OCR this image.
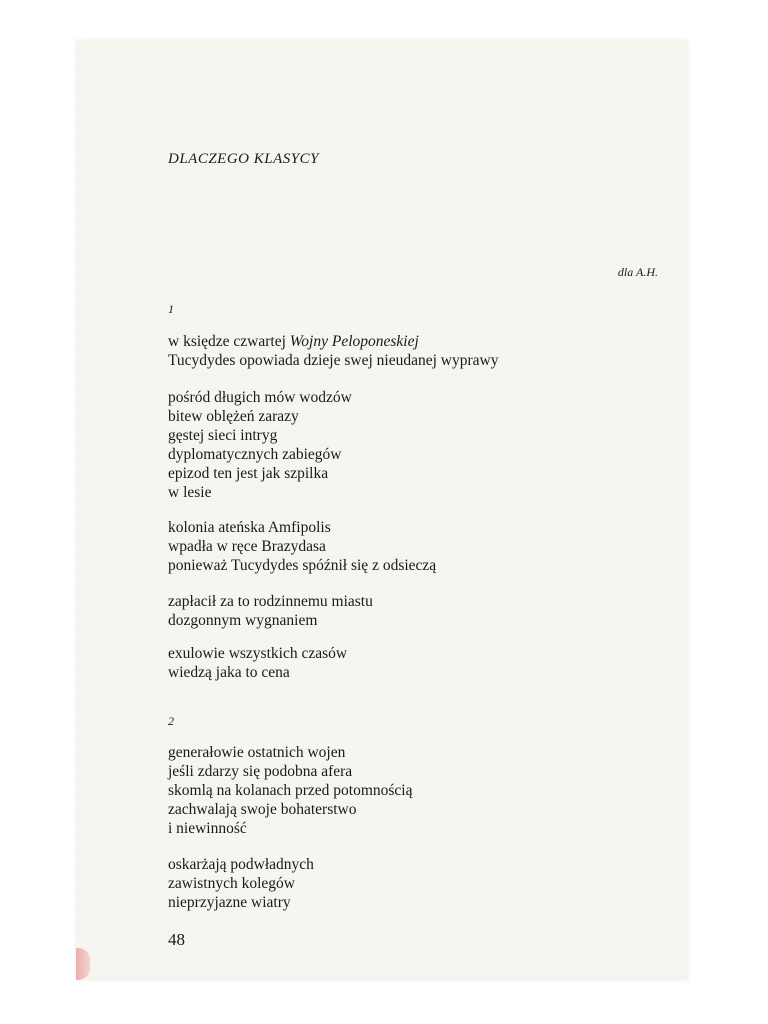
DLACZEGO KLASYCY
dla A.H.
1
w księdze czwartej Wojny Peloponeskiej
Tucydydes opowiada dzieje swej nieudanej wyprawy
pośród długich mów wodzów
bitew oblężeń zarazy
gęstej sieci intryg
dyplomatycznych zabiegów
epizod ten jest jak szpilka
w lesie
kolonia ateńska Amfipolis
wpadła w ręce Brazydasa
ponieważ Tucydydes spóźnił się z odsieczą
zapłacił za to rodzinnemu miastu
dozgonnym wygnaniem
exulowie wszystkich czasów
wiedzą jaka to cena
2
generałowie ostatnich wojen
jeśli zdarzy się podobna afera
skomlą na kolanach przed potomnością
zachwalają swoje bohaterstwo
i niewinność
oskarżają podwładnych
zawistnych kolegów
nieprzyjazne wiatry
48
